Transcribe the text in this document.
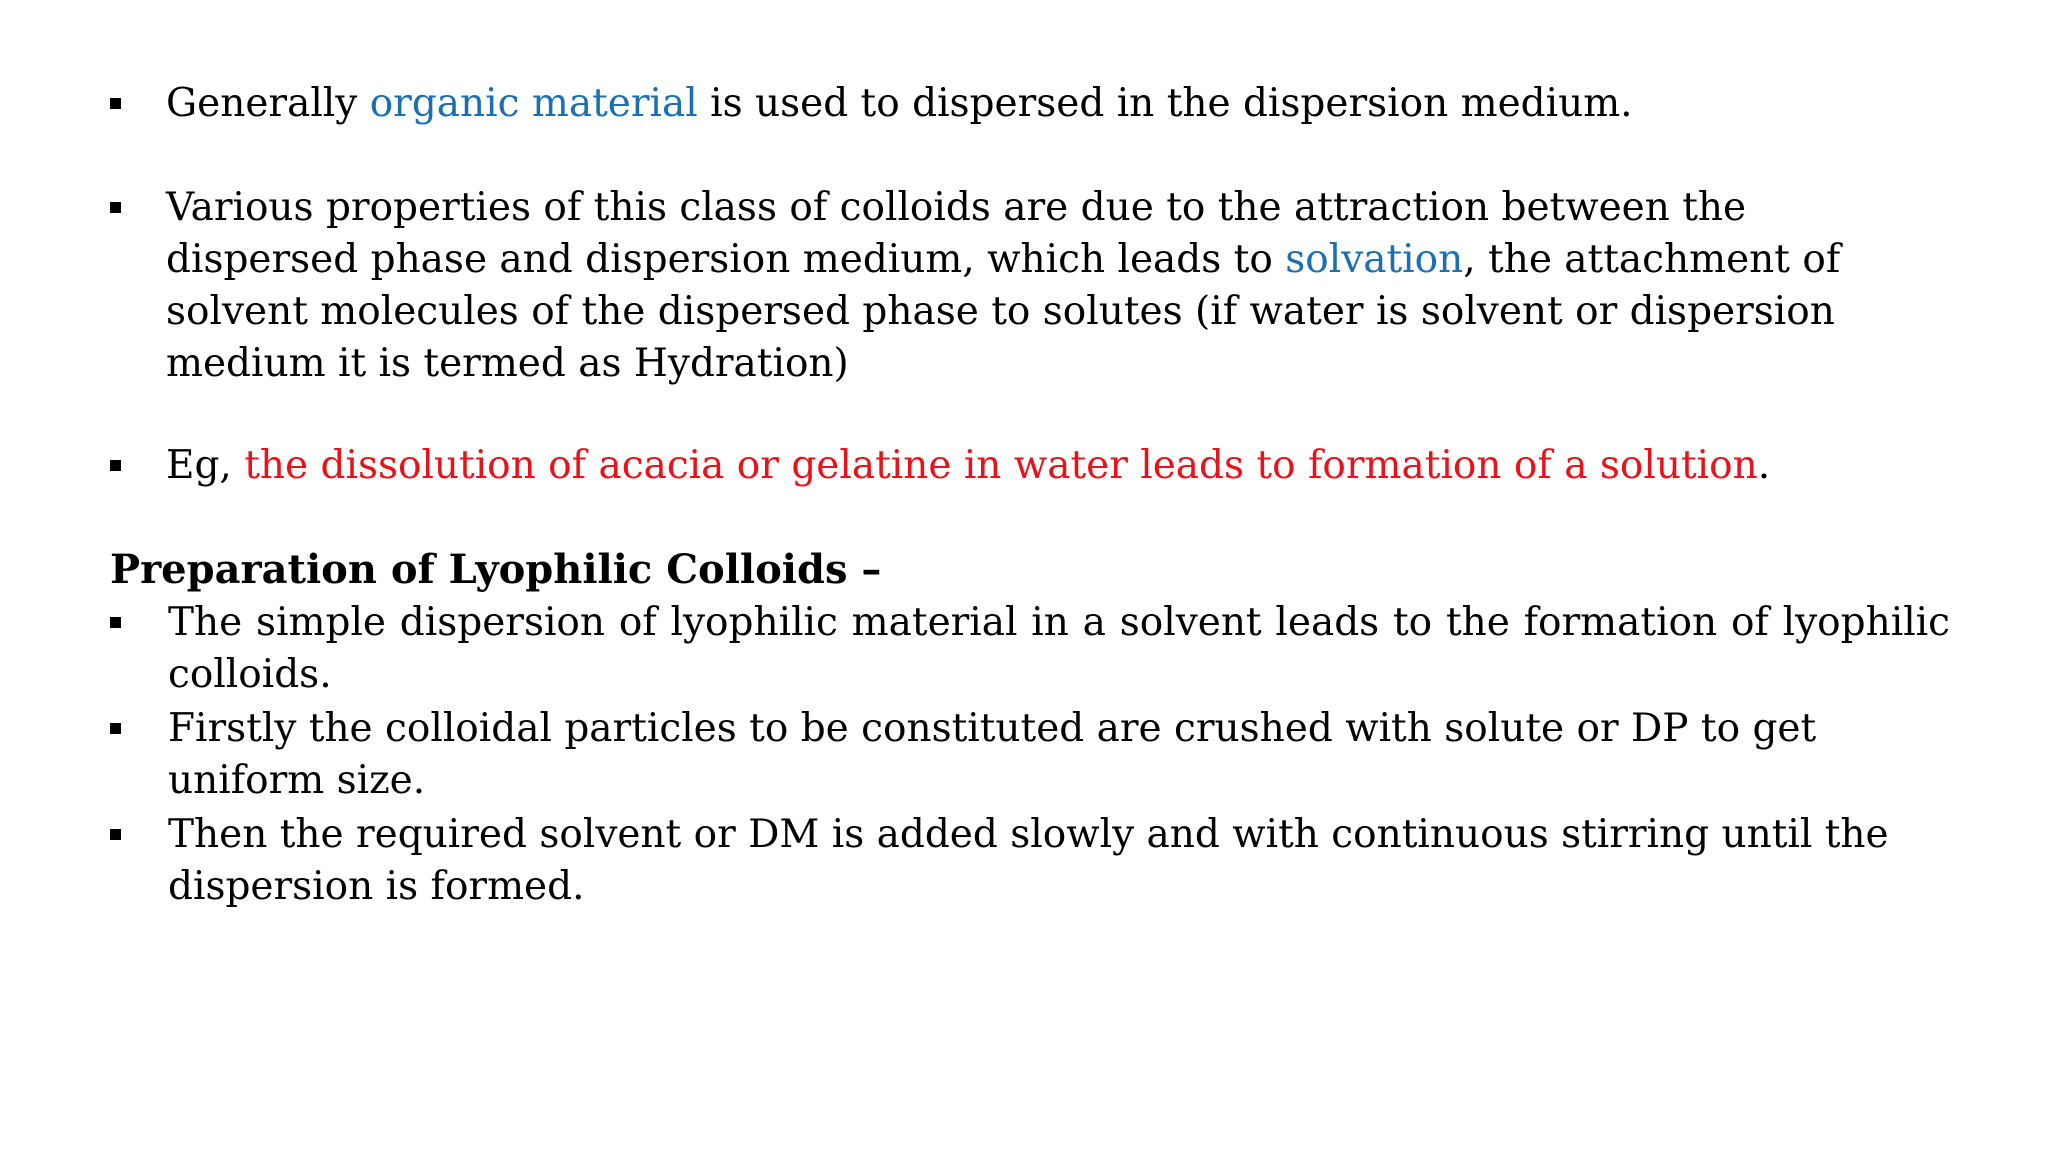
Generally organic material is used to dispersed in the dispersion medium.
Various properties of this class of colloids are due to the attraction between the dispersed phase and dispersion medium, which leads to solvation, the attachment of solvent molecules of the dispersed phase to solutes (if water is solvent or dispersion medium it is termed as Hydration)
Eg, the dissolution of acacia or gelatine in water leads to formation of a solution.
Preparation of Lyophilic Colloids –
The simple dispersion of lyophilic material in a solvent leads to the formation of lyophilic colloids.
Firstly the colloidal particles to be constituted are crushed with solute or DP to get uniform size.
Then the required solvent or DM is added slowly and with continuous stirring until the dispersion is formed.
